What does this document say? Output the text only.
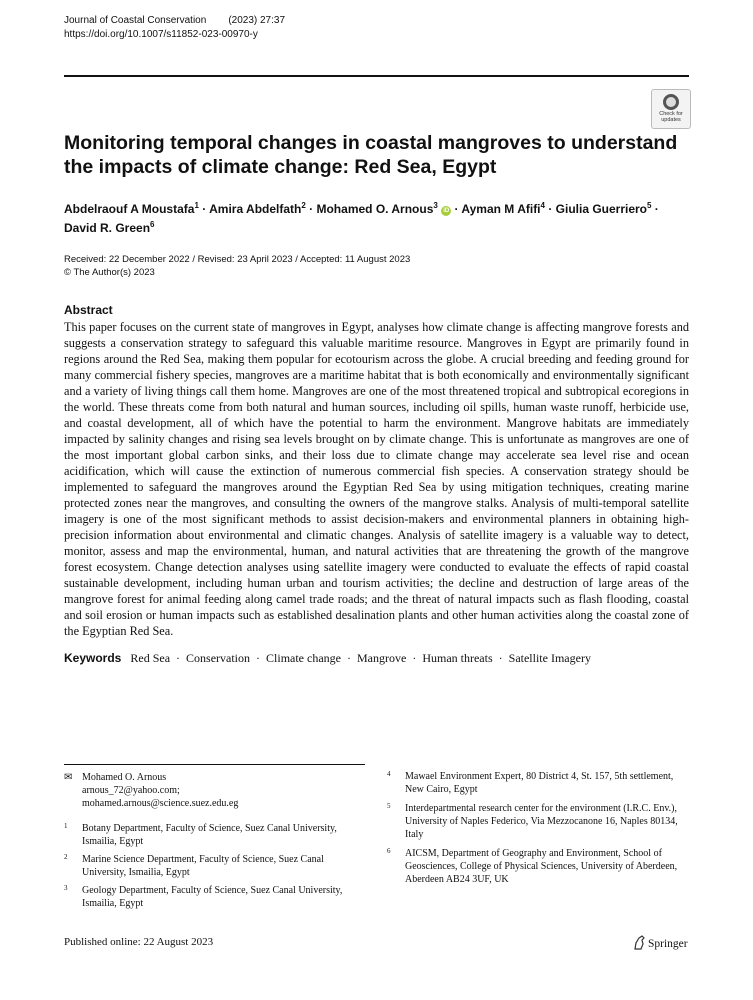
Journal of Coastal Conservation (2023) 27:37
https://doi.org/10.1007/s11852-023-00970-y
Check for
updates
Monitoring temporal changes in coastal mangroves to understand the impacts of climate change: Red Sea, Egypt
Abdelraouf A Moustafa$^1$ · Amira Abdelfath$^2$ · Mohamed O. Arnous$^3$ iD · Ayman M Afifi$^4$ · Giulia Guerriero$^5$ · David R. Green$^6$
Received: 22 December 2022 / Revised: 23 April 2023 / Accepted: 11 August 2023
© The Author(s) 2023
Abstract
This paper focuses on the current state of mangroves in Egypt, analyses how climate change is affecting mangrove forests and suggests a conservation strategy to safeguard this valuable maritime resource. Mangroves in Egypt are primarily found in regions around the Red Sea, making them popular for ecotourism across the globe. A crucial breeding and feeding ground for many commercial fishery species, mangroves are a maritime habitat that is both economically and environmentally significant and a variety of living things call them home. Mangroves are one of the most threatened tropical and subtropical ecoregions in the world. These threats come from both natural and human sources, including oil spills, human waste runoff, herbicide use, and coastal development, all of which have the potential to harm the environment. Mangrove habitats are immediately impacted by salinity changes and rising sea levels brought on by climate change. This is unfortunate as mangroves are one of the most important global carbon sinks, and their loss due to climate change may accelerate sea level rise and ocean acidification, which will cause the extinction of numerous commercial fish species. A conservation strategy should be implemented to safeguard the mangroves around the Egyptian Red Sea by using mitigation techniques, creating marine protected zones near the mangroves, and consulting the owners of the mangrove stalks. Analysis of multi-temporal satellite imagery is one of the most significant methods to assist decision-makers and environmental planners in obtaining high-precision information about environmental and climatic changes. Analysis of satellite imagery is a valuable way to detect, monitor, assess and map the environmental, human, and natural activities that are threatening the growth of the mangrove forest ecosystem. Change detection analyses using satellite imagery were conducted to evaluate the effects of rapid coastal sustainable development, including human urban and tourism activities; the decline and destruction of large areas of the mangrove forest for animal feeding along camel trade roads; and the threat of natural impacts such as flash flooding, coastal and soil erosion or human impacts such as established desalination plants and other human activities along the coastal zone of the Egyptian Red Sea.
Keywords Red Sea · Conservation · Climate change · Mangrove · Human threats · Satellite Imagery
✉ Mohamed O. Arnous
arnous_72@yahoo.com;
mohamed.arnous@science.suez.edu.eg
1 Botany Department, Faculty of Science, Suez Canal University, Ismailia, Egypt
2 Marine Science Department, Faculty of Science, Suez Canal University, Ismailia, Egypt
3 Geology Department, Faculty of Science, Suez Canal University, Ismailia, Egypt
4 Mawael Environment Expert, 80 District 4, St. 157, 5th settlement, New Cairo, Egypt
5 Interdepartmental research center for the environment (I.R.C. Env.), University of Naples Federico, Via Mezzocanone 16, Naples 80134, Italy
6 AICSM, Department of Geography and Environment, School of Geosciences, College of Physical Sciences, University of Aberdeen, Aberdeen AB24 3UF, UK
Published online: 22 August 2023	Springer
